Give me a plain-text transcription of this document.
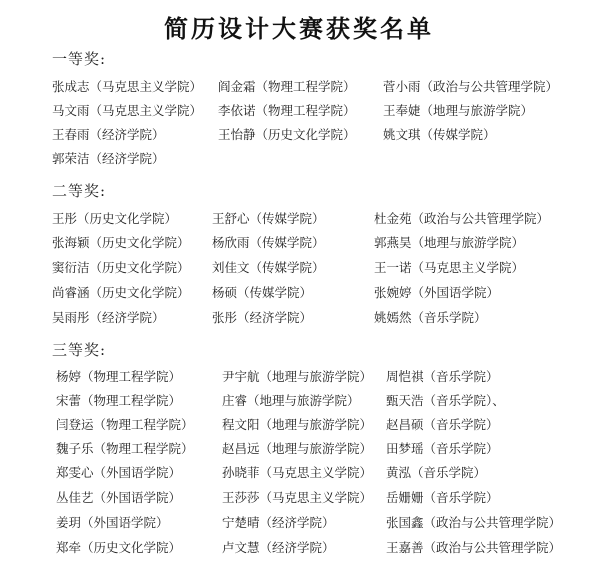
简历设计大赛获奖名单
一等奖:
张成志（马克思主义学院） 阎金霜（物理工程学院） 菅小雨（政治与公共管理学院）
马文雨（马克思主义学院） 李依诺（物理工程学院） 王奉婕（地理与旅游学院）
王春雨（经济学院）	王怡静（历史文化学院） 姚文琪（传媒学院）
郭荣洁（经济学院）
二等奖:
王彤（历史文化学院）	王舒心（传媒学院）	杜金苑（政治与公共管理学院）
张海颖（历史文化学院） 杨欣雨（传媒学院）	郭燕昊（地理与旅游学院）
窦衍洁（历史文化学院） 刘佳文（传媒学院）	王一诺（马克思主义学院）
尚睿涵（历史文化学院） 杨硕（传媒学院）	张婉婷（外国语学院）
吴雨彤（经济学院）	张彤（经济学院）	姚嫣然（音乐学院）
三等奖:
杨婷（物理工程学院）	尹宇航（地理与旅游学院） 周恺祺（音乐学院）
宋蕾（物理工程学院）	庄睿（地理与旅游学院） 甄天浩（音乐学院）、
闫登运（物理工程学院） 程文阳（地理与旅游学院） 赵昌硕（音乐学院）
魏子乐（物理工程学院） 赵昌远（地理与旅游学院） 田梦瑶（音乐学院）
郑雯心（外国语学院）	孙晓菲（马克思主义学院） 黄泓（音乐学院）
丛佳艺（外国语学院）	王莎莎（马克思主义学院） 岳姗姗（音乐学院）
姜玥（外国语学院）	宁楚晴（经济学院）	张国鑫（政治与公共管理学院）
郑牵（历史文化学院）	卢文慧（经济学院）	王嘉善（政治与公共管理学院）
